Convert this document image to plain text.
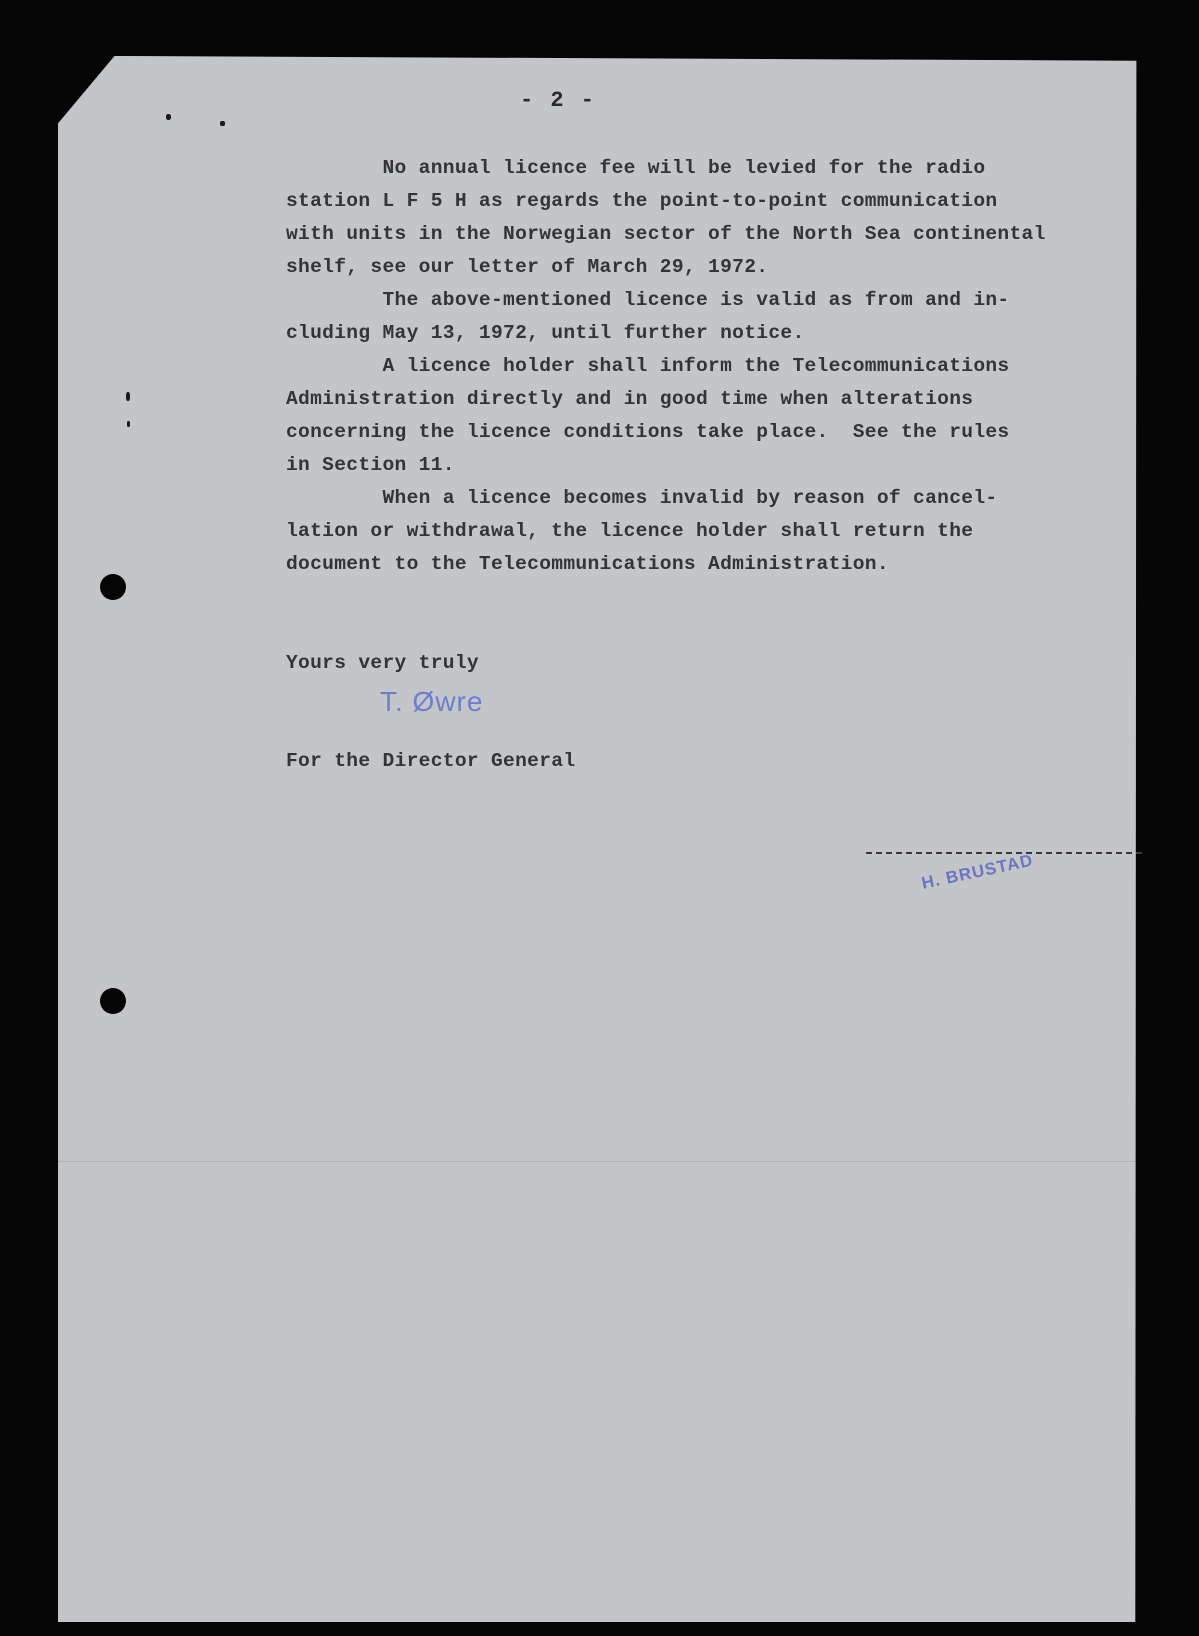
- 2 -
No annual licence fee will be levied for the radio
station L F 5 H as regards the point-to-point communication
with units in the Norwegian sector of the North Sea continental
shelf, see our letter of March 29, 1972.
The above-mentioned licence is valid as from and in-
cluding May 13, 1972, until further notice.
A licence holder shall inform the Telecommunications
Administration directly and in good time when alterations
concerning the licence conditions take place.  See the rules
in Section 11.
When a licence becomes invalid by reason of cancel-
lation or withdrawal, the licence holder shall return the
document to the Telecommunications Administration.
Yours very truly
T. Øwre
For the Director General
H. BRUSTAD
